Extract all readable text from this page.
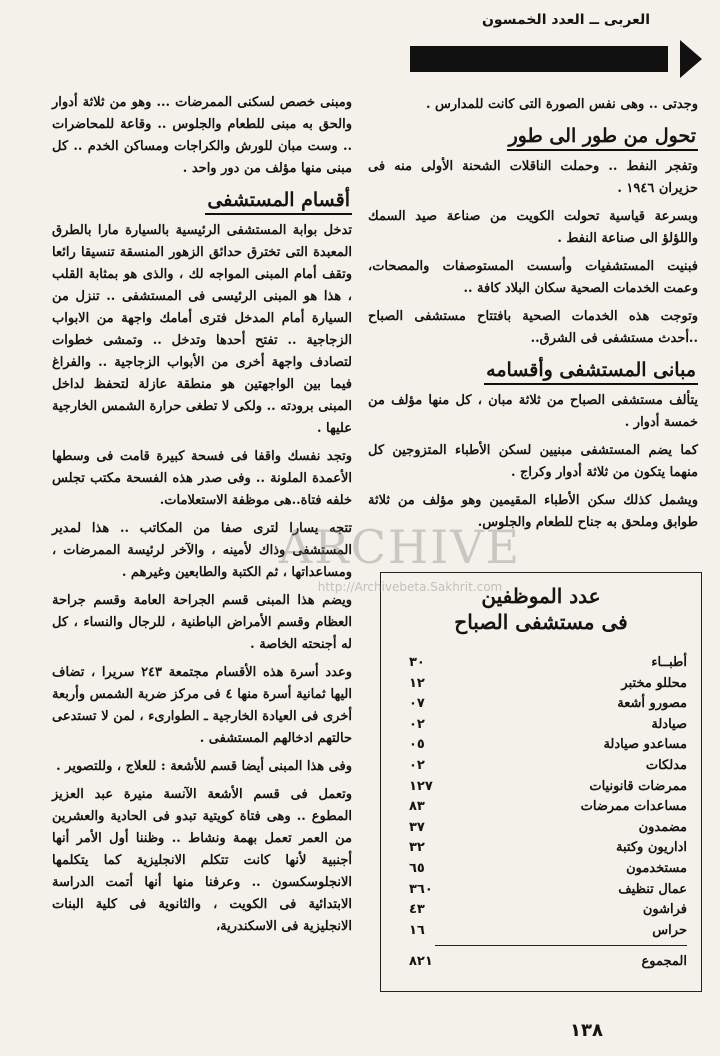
العربى ــ العدد الخمسون

وجدتى .. وهى نفس الصورة التى كانت للمدارس .

تحول من طور الى طور

وتفجر النفط .. وحملت الناقلات الشحنة الأولى منه فى حزيران ١٩٤٦ .

وبسرعة قياسية تحولت الكويت من صناعة صيد السمك واللؤلؤ الى صناعة النفط .

فبنيت المستشفيات وأسست المستوصفات والمصحات، وعمت الخدمات الصحية سكان البلاد كافة ..

وتوجت هذه الخدمات الصحية بافتتاح مستشفى الصباح ..أحدث مستشفى فى الشرق..

مبانى المستشفى وأقسامه

يتألف مستشفى الصباح من ثلاثة مبان ، كل منها مؤلف من خمسة أدوار .

كما يضم المستشفى مبنيين لسكن الأطباء المتزوجين كل منهما يتكون من ثلاثة أدوار وكراج .

ويشمل كذلك سكن الأطباء المقيمين وهو مؤلف من ثلاثة طوابق وملحق به جناح للطعام والجلوس.

عدد الموظفين
فى مستشفى الصباح
أطبــاء
٣٠
محللو مختبر
١٢
مصورو أشعة
٠٧
صيادلة
٠٢
مساعدو صيادلة
٠٥
مدلكات
٠٢
ممرضات قانونيات
١٢٧
مساعدات ممرضات
٨٣
مضمدون
٣٧
اداريون وكتبة
٣٢
مستخدمون
٦٥
عمال تنظيف
٣٦٠
فراشون
٤٣
حراس
١٦
المجموع
٨٢١

ومبنى خصص لسكنى الممرضات ... وهو من ثلاثة أدوار والحق به مبنى للطعام والجلوس .. وقاعة للمحاضرات .. وست مبان للورش والكراجات ومساكن الخدم .. كل مبنى منها مؤلف من دور واحد .

أقسام المستشفى

تدخل بوابة المستشفى الرئيسية بالسيارة مارا بالطرق المعبدة التى تخترق حدائق الزهور المنسقة تنسيقا رائعا وتقف أمام المبنى المواجه لك ، والذى هو بمثابة القلب ، هذا هو المبنى الرئيسى فى المستشفى .. تنزل من السيارة أمام المدخل فترى أمامك واجهة من الابواب الزجاجية .. تفتح أحدها وتدخل .. وتمشى خطوات لتصادف واجهة أخرى من الأبواب الزجاجية .. والفراغ فيما بين الواجهتين هو منطقة عازلة لتحفظ لداخل المبنى برودته .. ولكى لا تطغى حرارة الشمس الخارجية عليها .

وتجد نفسك واقفا فى فسحة كبيرة قامت فى وسطها الأعمدة الملونة .. وفى صدر هذه الفسحة مكتب تجلس خلفه فتاة..هى موظفة الاستعلامات.

تتجه يسارا لترى صفا من المكاتب .. هذا لمدير المستشفى وذاك لأمينه ، والآخر لرئيسة الممرضات ، ومساعداتها ، ثم الكتبة والطابعين وغيرهم .

ويضم هذا المبنى قسم الجراحة العامة وقسم جراحة العظام وقسم الأمراض الباطنية ، للرجال والنساء ، كل له أجنحته الخاصة .

وعدد أسرة هذه الأقسام مجتمعة ٢٤٣ سريرا ، تضاف اليها ثمانية أسرة منها ٤ فى مركز ضربة الشمس وأربعة أخرى فى العيادة الخارجية ـ الطوارىء ، لمن لا تستدعى حالتهم ادخالهم المستشفى .

وفى هذا المبنى أيضا قسم للأشعة : للعلاج ، وللتصوير .

وتعمل فى قسم الأشعة الآنسة منيرة عبد العزيز المطوع .. وهى فتاة كويتية تبدو فى الحادية والعشرين من العمر تعمل بهمة ونشاط .. وظننا أول الأمر أنها أجنبية لأنها كانت تتكلم الانجليزية كما يتكلمها الانجلوسكسون .. وعرفنا منها أنها أتمت الدراسة الابتدائية فى الكويت ، والثانوية فى كلية البنات الانجليزية فى الاسكندرية،

ARCHIVE
http://Archivebeta.Sakhrit.com
١٣٨
